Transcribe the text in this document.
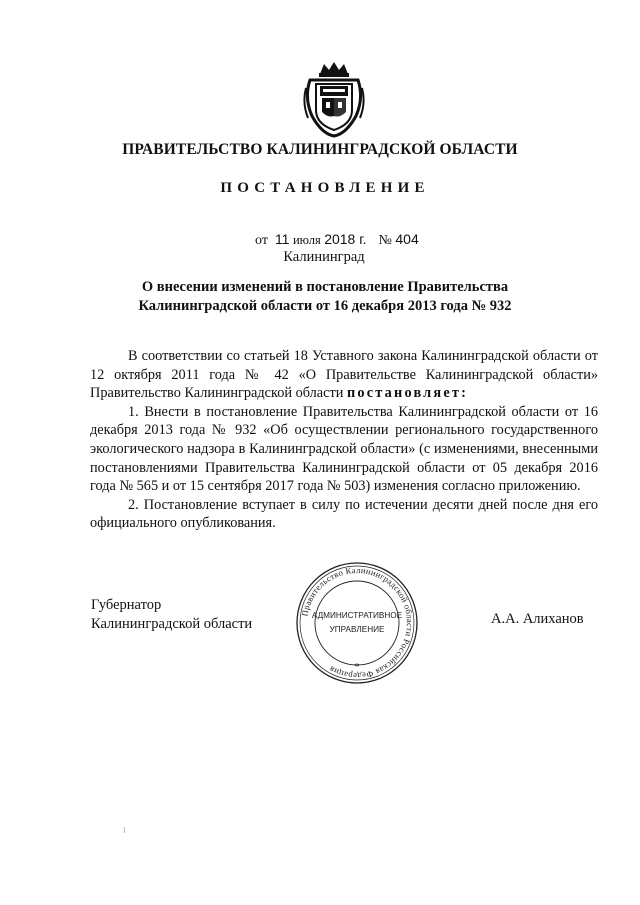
ПРАВИТЕЛЬСТВО КАЛИНИНГРАДСКОЙ ОБЛАСТИ
ПОСТАНОВЛЕНИЕ
от 11 июля 2018 г. № 404
Калининград
О внесении изменений в постановление Правительства
Калининградской области от 16 декабря 2013 года № 932

В соответствии со статьей 18 Уставного закона Калининградской области от 12 октября 2011 года № 42 «О Правительстве Калининградской области» Правительство Калининградской области постановляет:

1. Внести в постановление Правительства Калининградской области от 16 декабря 2013 года № 932 «Об осуществлении регионального государственного экологического надзора в Калининградской области» (с изменениями, внесенными постановлениями Правительства Калининградской области от 05 декабря 2016 года № 565 и от 15 сентября 2017 года № 503) изменения согласно приложению.

2. Постановление вступает в силу по истечении десяти дней после дня его официального опубликования.

Губернатор
Калининградской области	А.А. Алиханов
Правительство Калининградской области Российская Федерация
АДМИНИСТРАТИВНОЕ
УПРАВЛЕНИЕ
*
